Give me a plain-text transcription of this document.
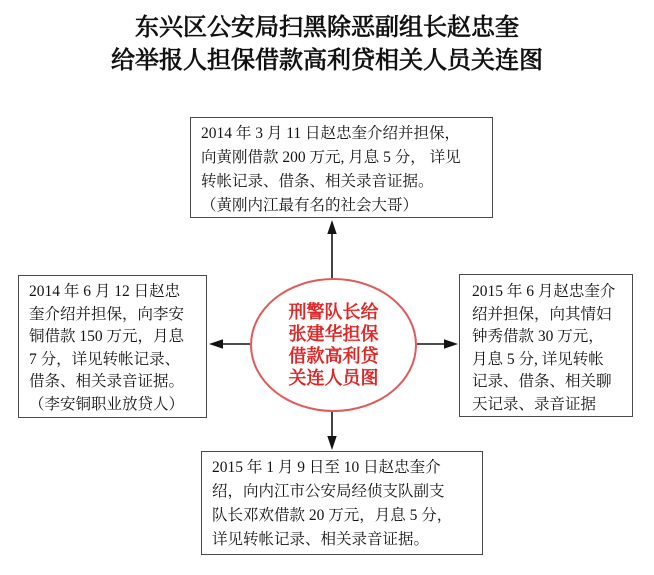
东兴区公安局扫黑除恶副组长赵忠奎
给举报人担保借款高利贷相关人员关连图
2014 年 3 月 11 日赵忠奎介绍并担保，
向黄刚借款 200 万元, 月息 5 分， 详见
转帐记录、借条、相关录音证据。
（黄刚内江最有名的社会大哥）
2014 年 6 月 12 日赵忠
奎介绍并担保，向李安
铜借款 150 万元，月息
7 分，详见转帐记录、
借条、相关录音证据。
（李安铜职业放贷人）
2015 年 6 月赵忠奎介
绍并担保，向其情妇
钟秀借款 30 万元，
月息 5 分, 详见转帐
记录、借条、相关聊
天记录、录音证据
2015 年 1 月 9 日至 10 日赵忠奎介
绍，向内江市公安局经侦支队副支
队长邓欢借款 20 万元，月息 5 分，
详见转帐记录、相关录音证据。
刑警队长给
张建华担保
借款高利贷
关连人员图
